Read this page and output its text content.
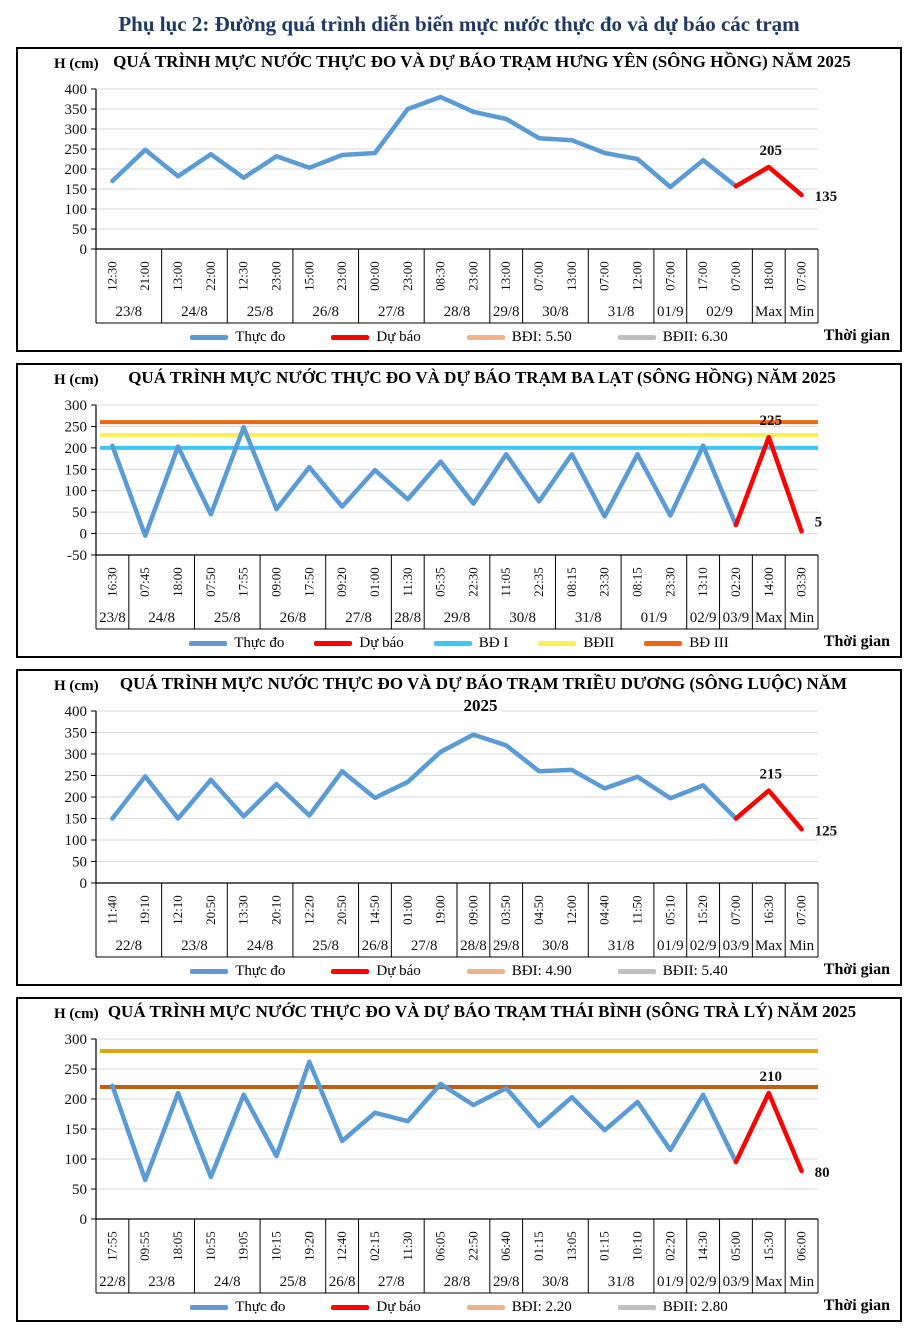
Phụ lục 2: Đường quá trình diễn biến mực nước thực đo và dự báo các trạm
H (cm) QUÁ TRÌNH MỰC NƯỚC THỰC ĐO VÀ DỰ BÁO TRẠM HƯNG YÊN (SÔNG HỒNG) NĂM 2025
400
350
300
250
200
150
100
50
0
12:30 21:00
23/8
13:00 22:00
24/8
12:30 23:00
25/8
15:00 23:00
26/8
00:00 23:00
27/8
08:30 23:00
28/8
13:00
29/8
07:00 13:00
30/8
07:00 12:00
31/8
07:00
01/9
17:00 07:00
02/9
18:00
Max
07:00
Min
205
135
Thực đo	Dự báo	BĐI: 5.50	BĐII: 6.30	Thời gian
H (cm)	QUÁ TRÌNH MỰC NƯỚC THỰC ĐO VÀ DỰ BÁO TRẠM BA LẠT (SÔNG HỒNG) NĂM 2025
300
250
200
150
100
50
0
-50
16:30
23/8
07:45 18:00
24/8
07:50 17:55
25/8
09:00 17:50
26/8
09:20 01:00
27/8
11:30
28/8
05:35 22:30
29/8
11:05 22:35
30/8
08:15 23:30
31/8
08:15 23:30
01/9
13:10
02/9
02:20
03/9
14:00
Max
03:30
Min
225
5
Thực đo	Dự báo	BĐ I	BĐII	BĐ III	Thời gian
H (cm)	QUÁ TRÌNH MỰC NƯỚC THỰC ĐO VÀ DỰ BÁO TRẠM TRIỀU DƯƠNG (SÔNG LUỘC) NĂM 2025
400
350
300
250
200
150
100
50
0
11:40 19:10
22/8
12:10 20:50
23/8
13:30 20:10
24/8
12:20 20:50
25/8
14:50
26/8
01:00 19:00
27/8
09:00
28/8
03:50
29/8
04:50 12:00
30/8
04:40 11:50
31/8
05:10
01/9
15:20
02/9
07:00
03/9
16:30
Max
07:00
Min
215
125
Thực đo	Dự báo	BĐI: 4.90	BĐII: 5.40	Thời gian
H (cm) QUÁ TRÌNH MỰC NƯỚC THỰC ĐO VÀ DỰ BÁO TRẠM THÁI BÌNH (SÔNG TRÀ LÝ) NĂM 2025
300
250
200
150
100
50
0
17:55
22/8
09:55 18:05
23/8
10:55 19:05
24/8
10:15 19:20
25/8
12:40
26/8
02:15 11:30
27/8
06:05 22:50
28/8
06:40
29/8
01:15 13:05
30/8
01:15 10:10
31/8
02:20
01/9
14:30
02/9
05:00
03/9
15:30
Max
06:00
Min
210
80
Thực đo	Dự báo	BĐI: 2.20	BĐII: 2.80	Thời gian
